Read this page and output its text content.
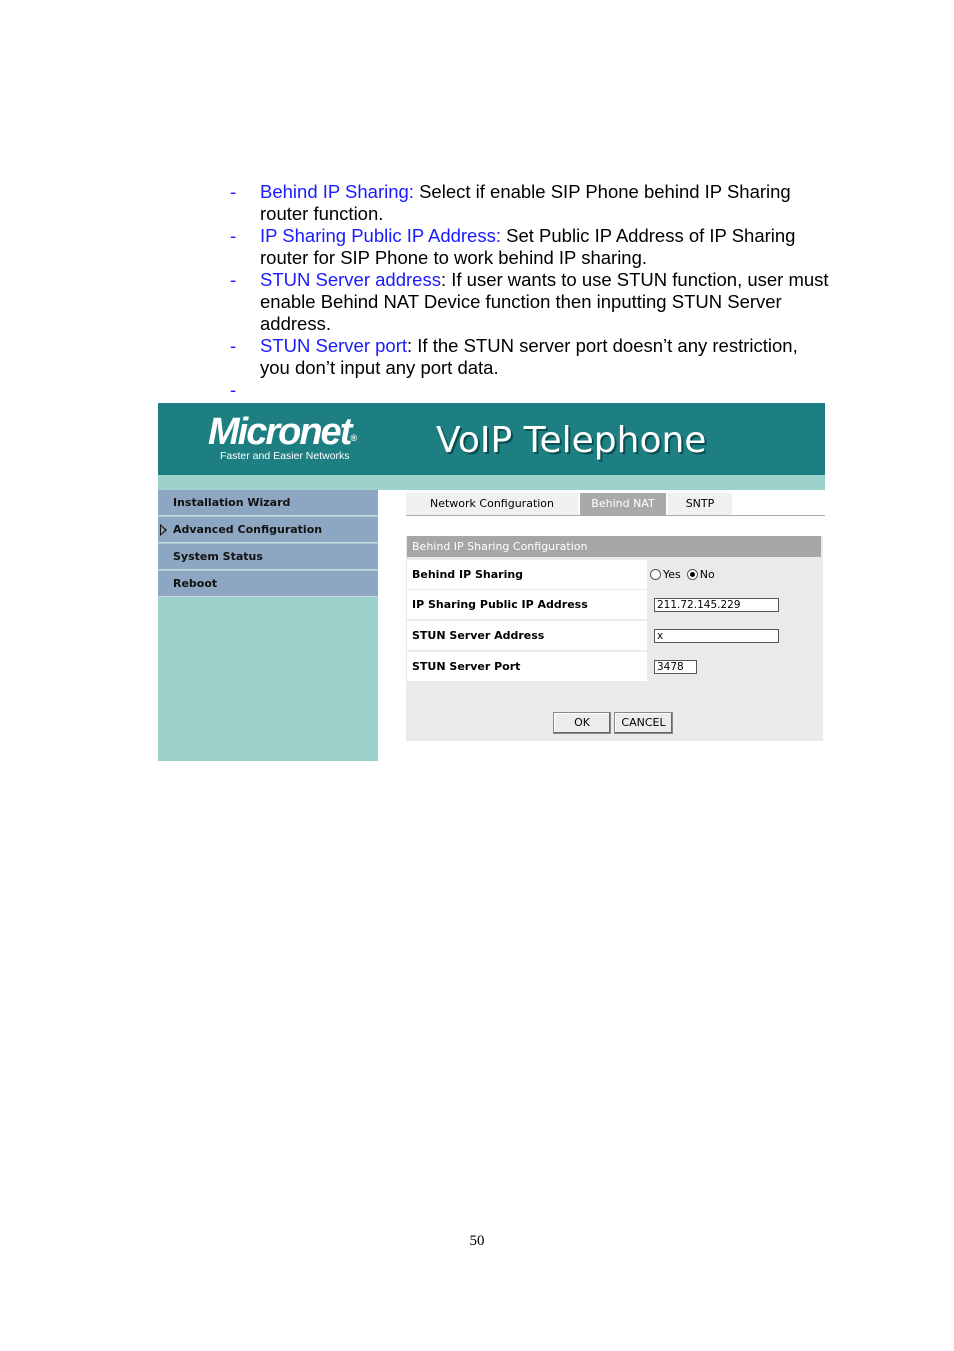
- Behind IP Sharing: Select if enable SIP Phone behind IP Sharing router function.
- IP Sharing Public IP Address: Set Public IP Address of IP Sharing router for SIP Phone to work behind IP sharing.
- STUN Server address: If user wants to use STUN function, user must enable Behind NAT Device function then inputting STUN Server address.
- STUN Server port: If the STUN server port doesn’t any restriction, you don’t input any port data.
-
Micronet®
Faster and Easier Networks VoIP Telephone
Installation Wizard
Advanced Configuration
System Status
Reboot
Network Configuration	Behind NAT	SNTP
Behind IP Sharing Configuration
Behind IP Sharing	Yes No
IP Sharing Public IP Address	211.72.145.229
STUN Server Address	x
STUN Server Port	3478
OK	CANCEL
50
